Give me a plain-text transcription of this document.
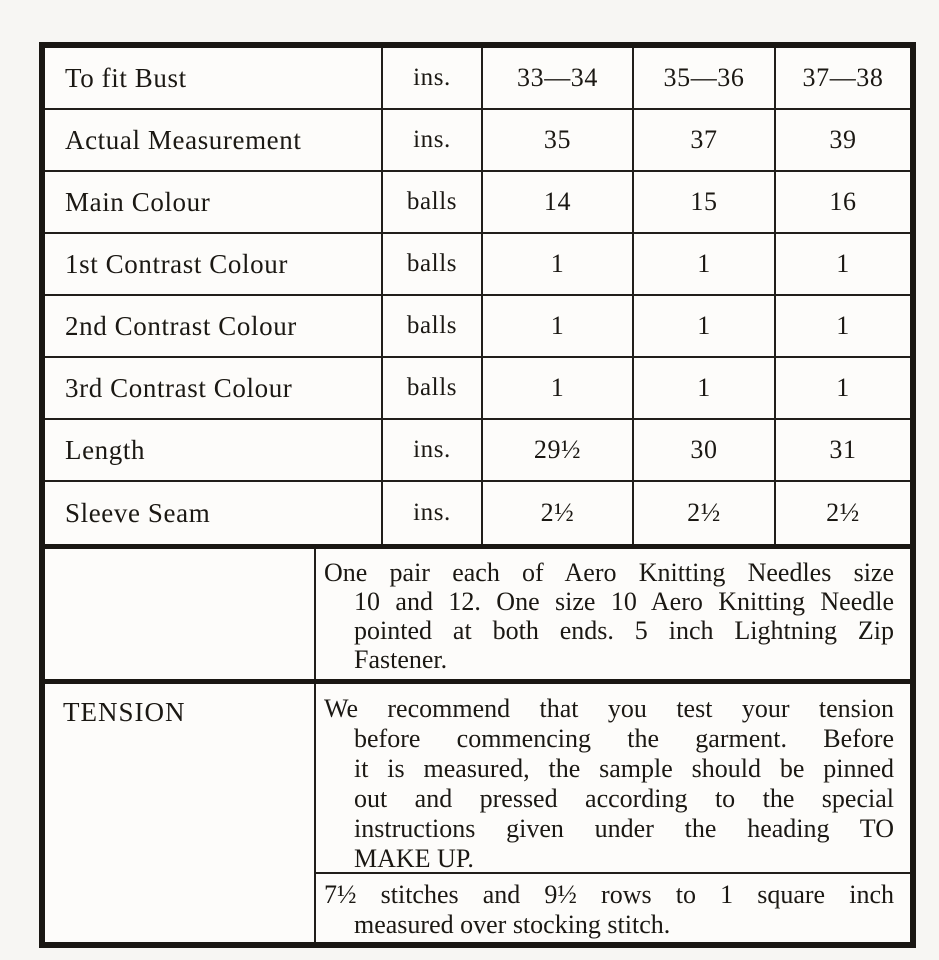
To fit Bust	ins.	33—34	35—36	37—38
Actual Measurement	ins.	35	37	39
Main Colour	balls	14	15	16
1st Contrast Colour	balls	1	1	1
2nd Contrast Colour	balls	1	1	1
3rd Contrast Colour	balls	1	1	1
Length	ins.	29½	30	31
Sleeve Seam	ins.	2½	2½	2½
One pair each of Aero Knitting Needles size
10 and 12. One size 10 Aero Knitting Needle
pointed at both ends. 5 inch Lightning Zip
Fastener.
TENSION	We recommend that you test your tension
before commencing the garment. Before
it is measured, the sample should be pinned
out and pressed according to the special
instructions given under the heading TO
MAKE UP.
7½ stitches and 9½ rows to 1 square inch
measured over stocking stitch.
